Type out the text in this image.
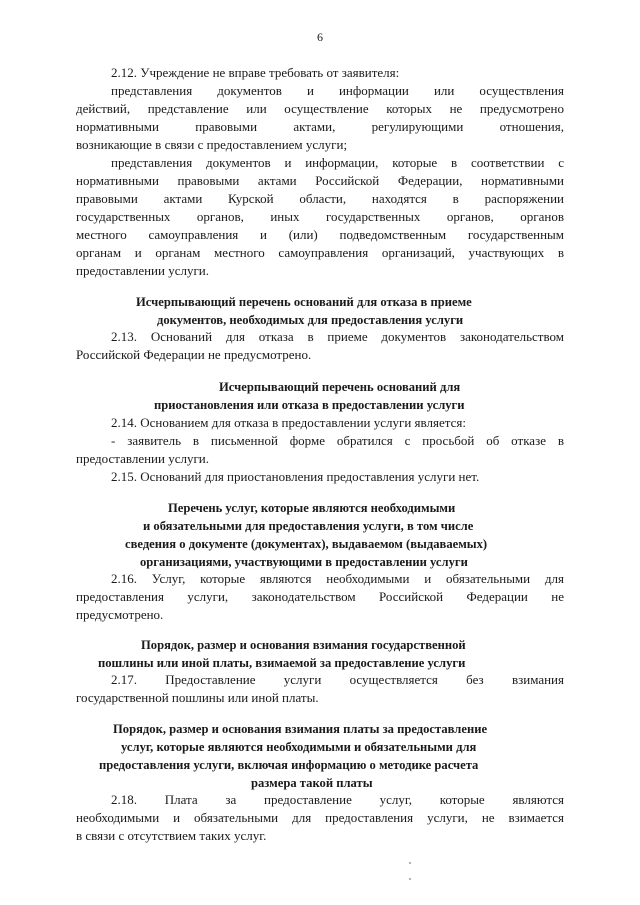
6

2.12. Учреждение не вправе требовать от заявителя:

представления документов и информации или осуществления

действий, представление или осуществление которых не предусмотрено

нормативными правовыми актами, регулирующими отношения,

возникающие в связи с предоставлением услуги;

представления документов и информации, которые в соответствии с

нормативными правовыми актами Российской Федерации, нормативными

правовыми актами Курской области, находятся в распоряжении

государственных органов, иных государственных органов, органов

местного самоуправления и (или) подведомственным государственным

органам и органам местного самоуправления организаций, участвующих в

предоставлении услуги.

Исчерпывающий перечень оснований для отказа в приеме

документов, необходимых для предоставления услуги

2.13. Оснований для отказа в приеме документов законодательством

Российской Федерации не предусмотрено.

Исчерпывающий перечень оснований для

приостановления или отказа в предоставлении услуги

2.14. Основанием для отказа в предоставлении услуги является:

- заявитель в письменной форме обратился с просьбой об отказе в

предоставлении услуги.

2.15. Оснований для приостановления предоставления услуги нет.

Перечень услуг, которые являются необходимыми

и обязательными для предоставления услуги, в том числе

сведения о документе (документах), выдаваемом (выдаваемых)

организациями, участвующими в предоставлении услуги

2.16. Услуг, которые являются необходимыми и обязательными для

предоставления услуги, законодательством Российской Федерации не

предусмотрено.

Порядок, размер и основания взимания государственной

пошлины или иной платы, взимаемой за предоставление услуги

2.17. Предоставление услуги осуществляется без взимания

государственной пошлины или иной платы.

Порядок, размер и основания взимания платы за предоставление

услуг, которые являются необходимыми и обязательными для

предоставления услуги, включая информацию о методике расчета

размера такой платы

2.18. Плата за предоставление услуг, которые являются

необходимыми и обязательными для предоставления услуги, не взимается

в связи с отсутствием таких услуг.
